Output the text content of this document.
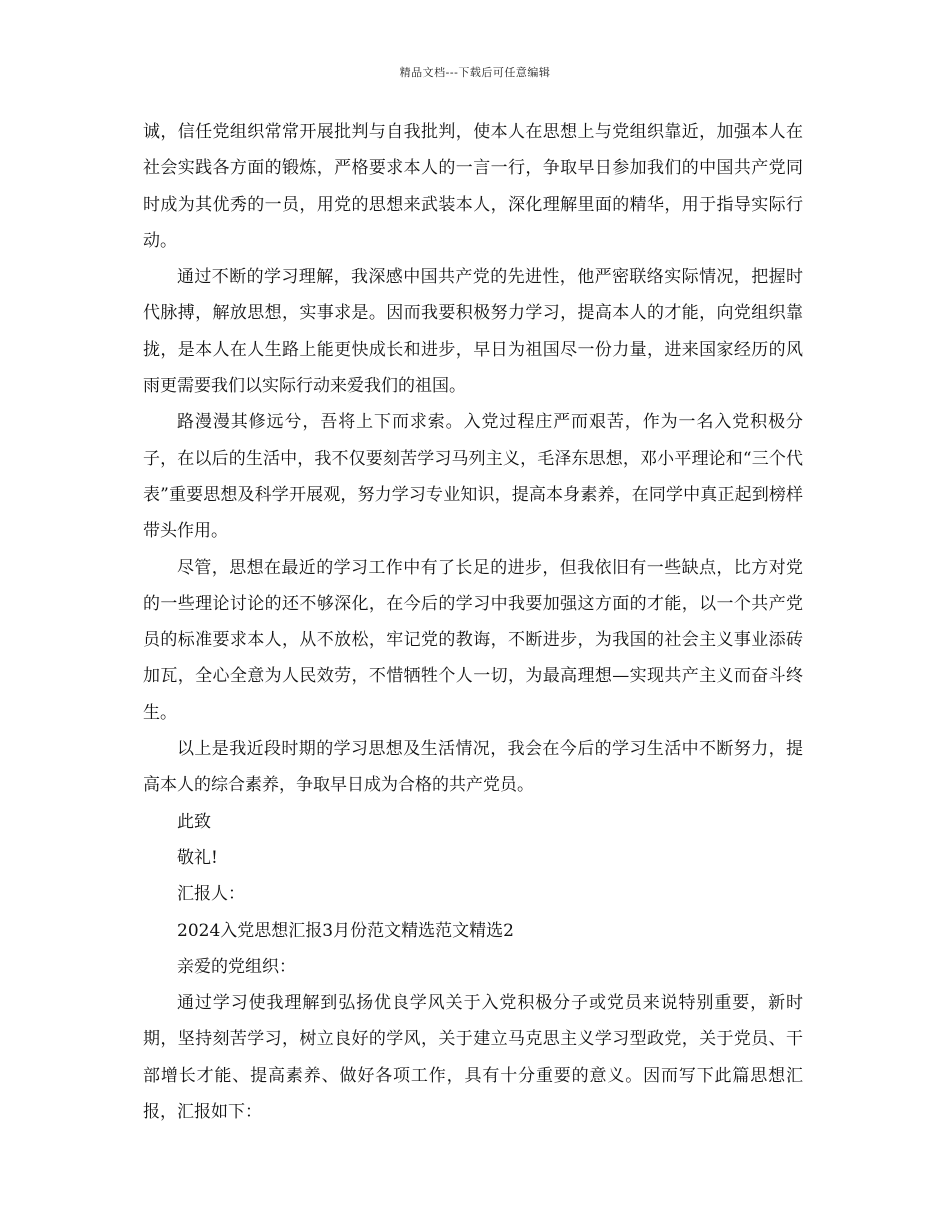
精品文档---下载后可任意编辑

诚，信任党组织常常开展批判与自我批判，使本人在思想上与党组织靠近，加强本人在社会实践各方面的锻炼，严格要求本人的一言一行，争取早日参加我们的中国共产党同时成为其优秀的一员，用党的思想来武装本人，深化理解里面的精华，用于指导实际行动。

通过不断的学习理解，我深感中国共产党的先进性，他严密联络实际情况，把握时代脉搏，解放思想，实事求是。因而我要积极努力学习，提高本人的才能，向党组织靠拢，是本人在人生路上能更快成长和进步，早日为祖国尽一份力量，进来国家经历的风雨更需要我们以实际行动来爱我们的祖国。

路漫漫其修远兮，吾将上下而求索。入党过程庄严而艰苦，作为一名入党积极分子，在以后的生活中，我不仅要刻苦学习马列主义，毛泽东思想，邓小平理论和“三个代表”重要思想及科学开展观，努力学习专业知识，提高本身素养，在同学中真正起到榜样带头作用。

尽管，思想在最近的学习工作中有了长足的进步，但我依旧有一些缺点，比方对党的一些理论讨论的还不够深化，在今后的学习中我要加强这方面的才能，以一个共产党员的标准要求本人，从不放松，牢记党的教诲，不断进步，为我国的社会主义事业添砖加瓦，全心全意为人民效劳，不惜牺牲个人一切，为最高理想—实现共产主义而奋斗终生。

以上是我近段时期的学习思想及生活情况，我会在今后的学习生活中不断努力，提高本人的综合素养，争取早日成为合格的共产党员。

此致

敬礼!

汇报人：

2024入党思想汇报3月份范文精选范文精选2

亲爱的党组织：

通过学习使我理解到弘扬优良学风关于入党积极分子或党员来说特别重要，新时期，坚持刻苦学习，树立良好的学风，关于建立马克思主义学习型政党，关于党员、干部增长才能、提高素养、做好各项工作，具有十分重要的意义。因而写下此篇思想汇报，汇报如下：
